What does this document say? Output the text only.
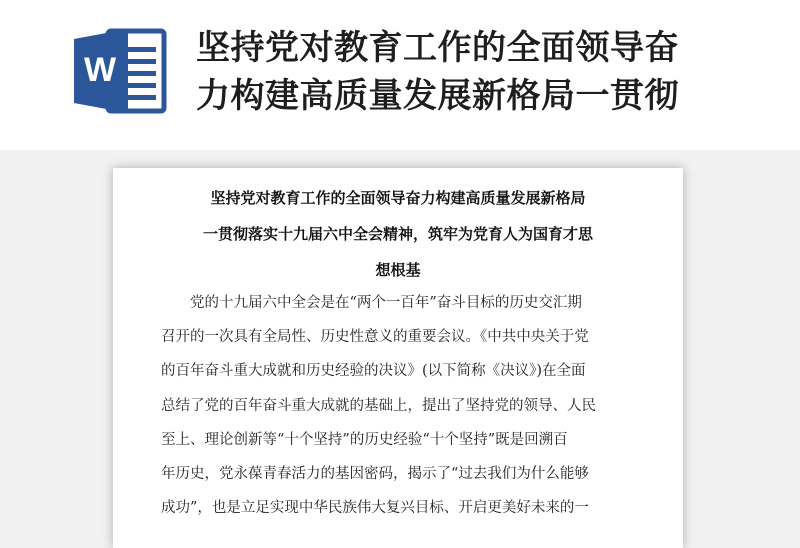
W
坚持党对教育工作的全面领导奋
力构建高质量发展新格局一贯彻
坚持党对教育工作的全面领导奋力构建高质量发展新格局
一贯彻落实十九届六中全会精神，筑牢为党育人为国育才思
想根基
党的十九届六中全会是在“两个一百年”奋斗目标的历史交汇期
召开的一次具有全局性、历史性意义的重要会议。《中共中央关于党
的百年奋斗重大成就和历史经验的决议》(以下简称《决议》)在全面
总结了党的百年奋斗重大成就的基础上，提出了坚持党的领导、人民
至上、理论创新等“十个坚持”的历史经验“十个坚持”既是回溯百
年历史，党永葆青春活力的基因密码，揭示了“过去我们为什么能够
成功”，也是立足实现中华民族伟大复兴目标、开启更美好未来的一
